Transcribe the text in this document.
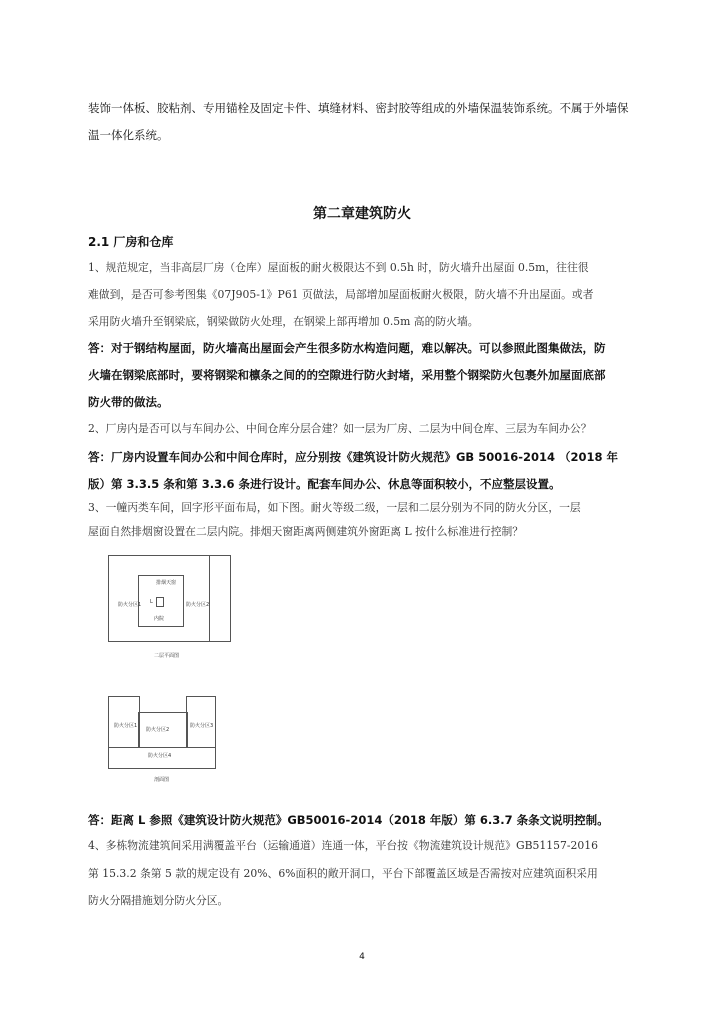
装饰一体板、胶粘剂、专用锚栓及固定卡件、填缝材料、密封胶等组成的外墙保温装饰系统。不属于外墙保
温一体化系统。
第二章建筑防火
2.1 厂房和仓库
1、规范规定，当非高层厂房（仓库）屋面板的耐火极限达不到 0.5h 时，防火墙升出屋面 0.5m，往往很
难做到，是否可参考图集《07J905-1》P61 页做法，局部增加屋面板耐火极限，防火墙不升出屋面。或者
采用防火墙升至钢梁底，钢梁做防火处理，在钢梁上部再增加 0.5m 高的防火墙。
答：对于钢结构屋面，防火墙高出屋面会产生很多防水构造问题，难以解决。可以参照此图集做法，防
火墙在钢梁底部时，要将钢梁和檩条之间的的空隙进行防火封堵，采用整个钢梁防火包裹外加屋面底部
防火带的做法。
2、厂房内是否可以与车间办公、中间仓库分层合建？如一层为厂房、二层为中间仓库、三层为车间办公？
答：厂房内设置车间办公和中间仓库时，应分别按《建筑设计防火规范》GB 50016-2014 （2018 年
版）第 3.3.5 条和第 3.3.6 条进行设计。配套车间办公、休息等面积较小，不应整层设置。
3、一幢丙类车间，回字形平面布局，如下图。耐火等级二级，一层和二层分别为不同的防火分区，一层
屋面自然排烟窗设置在二层内院。排烟天窗距离两侧建筑外窗距离 L 按什么标准进行控制？
防火分区1	防火分区2
排烟天窗
L
内院
二层平面图
防火分区1
防火分区2
防火分区3
防火分区4
剖面图
答：距离 L 参照《建筑设计防火规范》GB50016-2014（2018 年版）第 6.3.7 条条文说明控制。
4、多栋物流建筑间采用满覆盖平台（运输通道）连通一体，平台按《物流建筑设计规范》GB51157-2016
第 15.3.2 条第 5 款的规定设有 20%、6%面积的敞开洞口，平台下部覆盖区域是否需按对应建筑面积采用
防火分隔措施划分防火分区。
4
